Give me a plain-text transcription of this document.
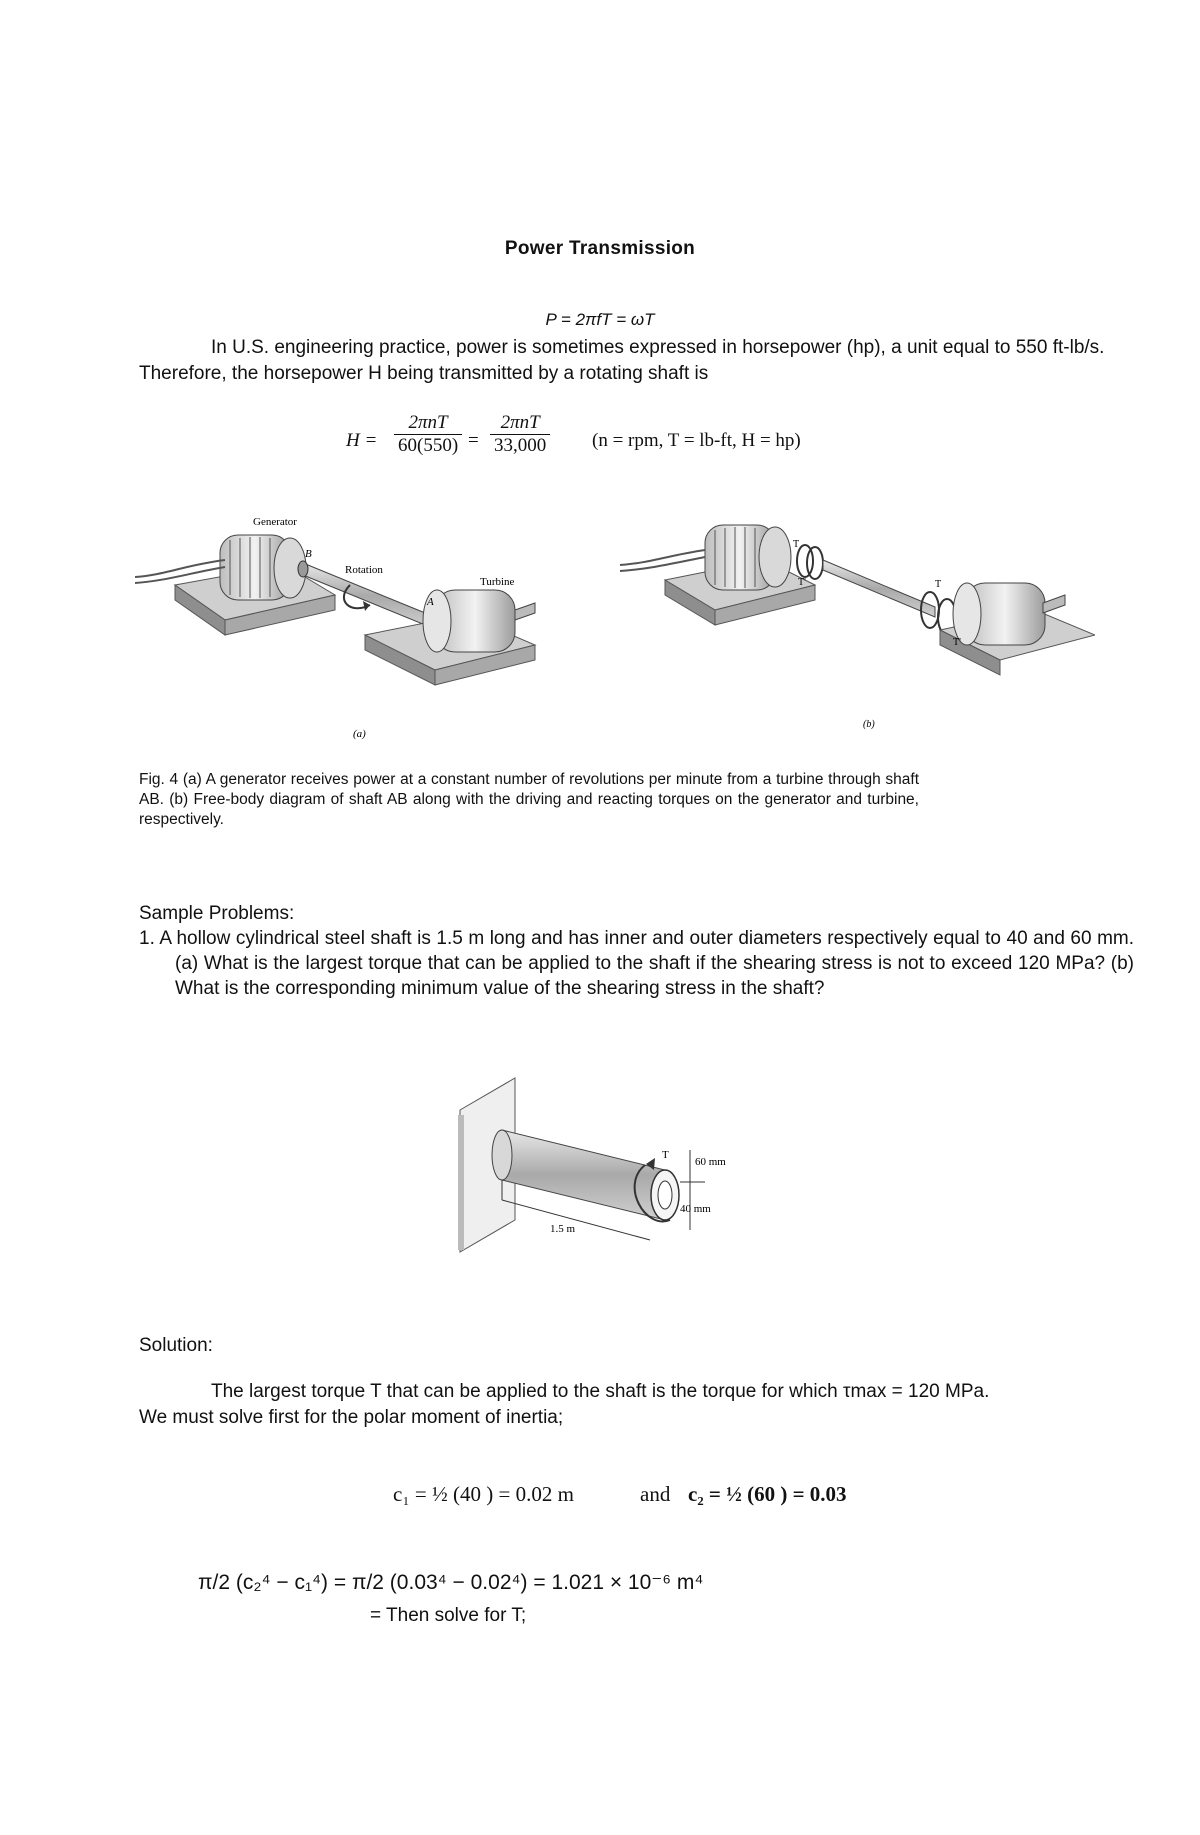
Power Transmission
P = 2πfT = ωT
In U.S. engineering practice, power is sometimes expressed in horsepower (hp), a unit equal to 550 ft-lb/s. Therefore, the horsepower H being transmitted by a rotating shaft is
H =
2πnT
60(550) =
2πnT
33,000 (n = rpm, T = lb-ft, H = hp)
Generator
Rotation
Turbine
B
A
(a)
T
T'	T
T'
(b)
Fig. 4 (a) A generator receives power at a constant number of revolutions per minute from a turbine through shaft AB. (b) Free-body diagram of shaft AB along with the driving and reacting torques on the generator and turbine, respectively.
Sample Problems:
1. A hollow cylindrical steel shaft is 1.5 m long and has inner and outer diameters respectively equal to 40 and 60 mm. (a) What is the largest torque that can be applied to the shaft if the shearing stress is not to exceed 120 MPa? (b) What is the corresponding minimum value of the shearing stress in the shaft?
T
60 mm
40 mm
1.5 m
Solution:
The largest torque T that can be applied to the shaft is the torque for which τmax = 120 MPa.
We must solve first for the polar moment of inertia;
c₁ = ½ (40 ) = 0.02 m	and c₂ = ½ (60 ) = 0.03
π/2 (c₂⁴ − c₁⁴) = π/2 (0.03⁴ − 0.02⁴) = 1.021 × 10⁻⁶ m⁴
= Then solve for T;
